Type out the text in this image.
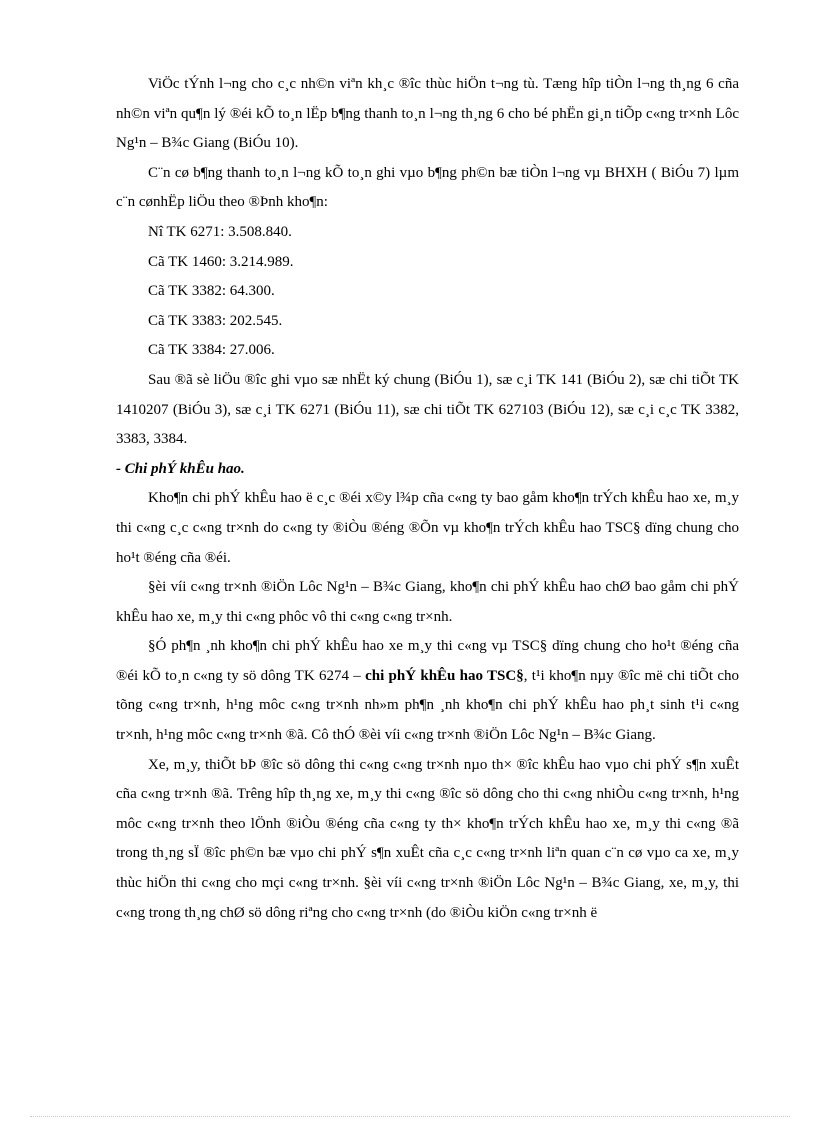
ViÖc tÝnh l¬ng cho c¸c nh©n viªn kh¸c ®îc thùc hiÖn t¬ng tù. Tæng hîp tiÒn l¬ng th¸ng 6 cña nh©n viªn qu¶n lý ®éi kÕ to¸n lËp b¶ng thanh to¸n l¬ng th¸ng 6 cho bé phËn gi¸n tiÕp c«ng tr×nh Lôc Ng¹n – B¾c Giang (BiÓu 10).

C¨n cø b¶ng thanh to¸n l¬ng kÕ to¸n ghi vµo b¶ng ph©n bæ tiÒn l¬ng vµ BHXH ( BiÓu 7) lµm c¨n cønhËp liÖu theo ®Þnh kho¶n:

Nî TK 6271: 3.508.840.

Cã TK 1460: 3.214.989.

Cã TK 3382: 64.300.

Cã TK 3383: 202.545.

Cã TK 3384: 27.006.

Sau ®ã sè liÖu ®îc ghi vµo sæ nhËt ký chung (BiÓu 1), sæ c¸i TK 141 (BiÓu 2), sæ chi tiÕt TK 1410207 (BiÓu 3), sæ c¸i TK 6271 (BiÓu 11), sæ chi tiÕt TK 627103 (BiÓu 12), sæ c¸i c¸c TK 3382, 3383, 3384.

- Chi phÝ khÊu hao.

Kho¶n chi phÝ khÊu hao ë c¸c ®éi x©y l¾p cña c«ng ty bao gåm kho¶n trÝch khÊu hao xe, m¸y thi c«ng c¸c c«ng tr×nh do c«ng ty ®iÒu ®éng ®Õn vµ kho¶n trÝch khÊu hao TSC§ dïng chung cho ho¹t ®éng cña ®éi.

§èi víi c«ng tr×nh ®iÖn Lôc Ng¹n – B¾c Giang, kho¶n chi phÝ khÊu hao chØ bao gåm chi phÝ khÊu hao xe, m¸y thi c«ng phôc vô thi c«ng c«ng tr×nh.

§Ó ph¶n ¸nh kho¶n chi phÝ khÊu hao xe m¸y thi c«ng vµ TSC§ dïng chung cho ho¹t ®éng cña ®éi kÕ to¸n c«ng ty sö dông TK 6274 – chi phÝ khÊu hao TSC§, t¹i kho¶n nµy ®îc më chi tiÕt cho tõng c«ng tr×nh, h¹ng môc c«ng tr×nh nh»m ph¶n ¸nh kho¶n chi phÝ khÊu hao ph¸t sinh t¹i c«ng tr×nh, h¹ng môc c«ng tr×nh ®ã. Cô thÓ ®èi víi c«ng tr×nh ®iÖn Lôc Ng¹n – B¾c Giang.

Xe, m¸y, thiÕt bÞ ®îc sö dông thi c«ng c«ng tr×nh nµo th× ®îc khÊu hao vµo chi phÝ s¶n xuÊt cña c«ng tr×nh ®ã. Trêng hîp th¸ng xe, m¸y thi c«ng ®îc sö dông cho thi c«ng nhiÒu c«ng tr×nh, h¹ng môc c«ng tr×nh theo lÖnh ®iÒu ®éng cña c«ng ty th× kho¶n trÝch khÊu hao xe, m¸y thi c«ng ®ã trong th¸ng sÏ ®îc ph©n bæ vµo chi phÝ s¶n xuÊt cña c¸c c«ng tr×nh liªn quan c¨n cø vµo ca xe, m¸y thùc hiÖn thi c«ng cho mçi c«ng tr×nh. §èi víi c«ng tr×nh ®iÖn Lôc Ng¹n – B¾c Giang, xe, m¸y, thi c«ng trong th¸ng chØ sö dông riªng cho c«ng tr×nh (do ®iÒu kiÖn c«ng tr×nh ë
